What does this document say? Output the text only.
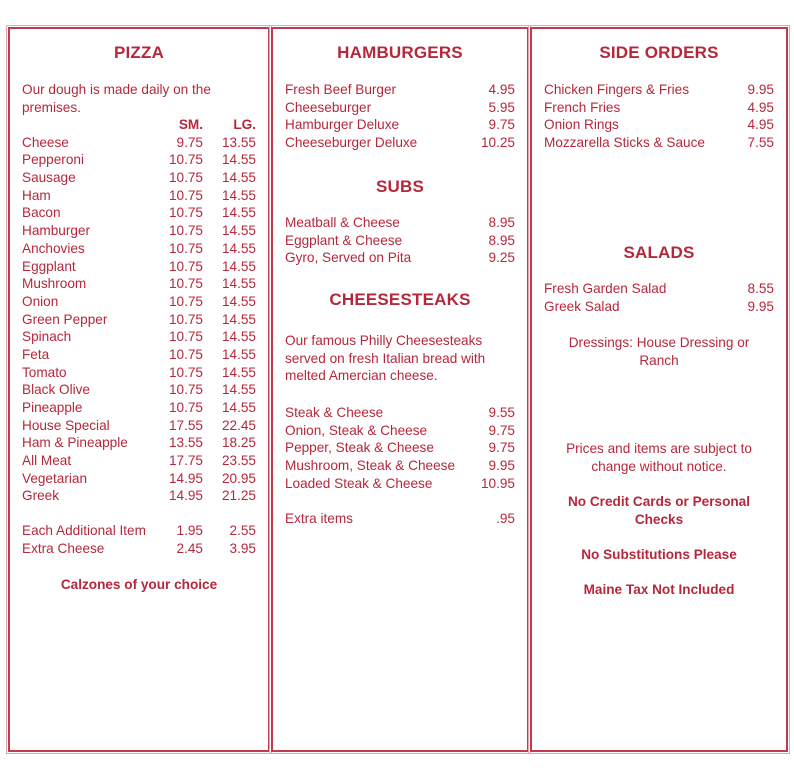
PIZZA
Our dough is made daily on the premises.
SM.	LG.
Cheese	9.75	13.55
Pepperoni	10.75	14.55
Sausage	10.75	14.55
Ham	10.75	14.55
Bacon	10.75	14.55
Hamburger	10.75	14.55
Anchovies	10.75	14.55
Eggplant	10.75	14.55
Mushroom	10.75	14.55
Onion	10.75	14.55
Green Pepper	10.75	14.55
Spinach	10.75	14.55
Feta	10.75	14.55
Tomato	10.75	14.55
Black Olive	10.75	14.55
Pineapple	10.75	14.55
House Special	17.55	22.45
Ham & Pineapple	13.55	18.25
All Meat	17.75	23.55
Vegetarian	14.95	20.95
Greek	14.95	21.25
Each Additional Item	1.95	2.55
Extra Cheese	2.45	3.95
Calzones of your choice
HAMBURGERS
Fresh Beef Burger	4.95
Cheeseburger	5.95
Hamburger Deluxe	9.75
Cheeseburger Deluxe	10.25
SUBS
Meatball & Cheese	8.95
Eggplant & Cheese	8.95
Gyro, Served on Pita	9.25
CHEESESTEAKS
Our famous Philly Cheesesteaks served on fresh Italian bread with melted Amercian cheese.
Steak & Cheese	9.55
Onion, Steak & Cheese	9.75
Pepper, Steak & Cheese	9.75
Mushroom, Steak & Cheese	9.95
Loaded Steak & Cheese	10.95
Extra items	.95
SIDE ORDERS
Chicken Fingers & Fries	9.95
French Fries	4.95
Onion Rings	4.95
Mozzarella Sticks & Sauce	7.55
SALADS
Fresh Garden Salad	8.55
Greek Salad	9.95
Dressings: House Dressing or Ranch
Prices and items are subject to change without notice.
No Credit Cards or Personal Checks
No Substitutions Please
Maine Tax Not Included
